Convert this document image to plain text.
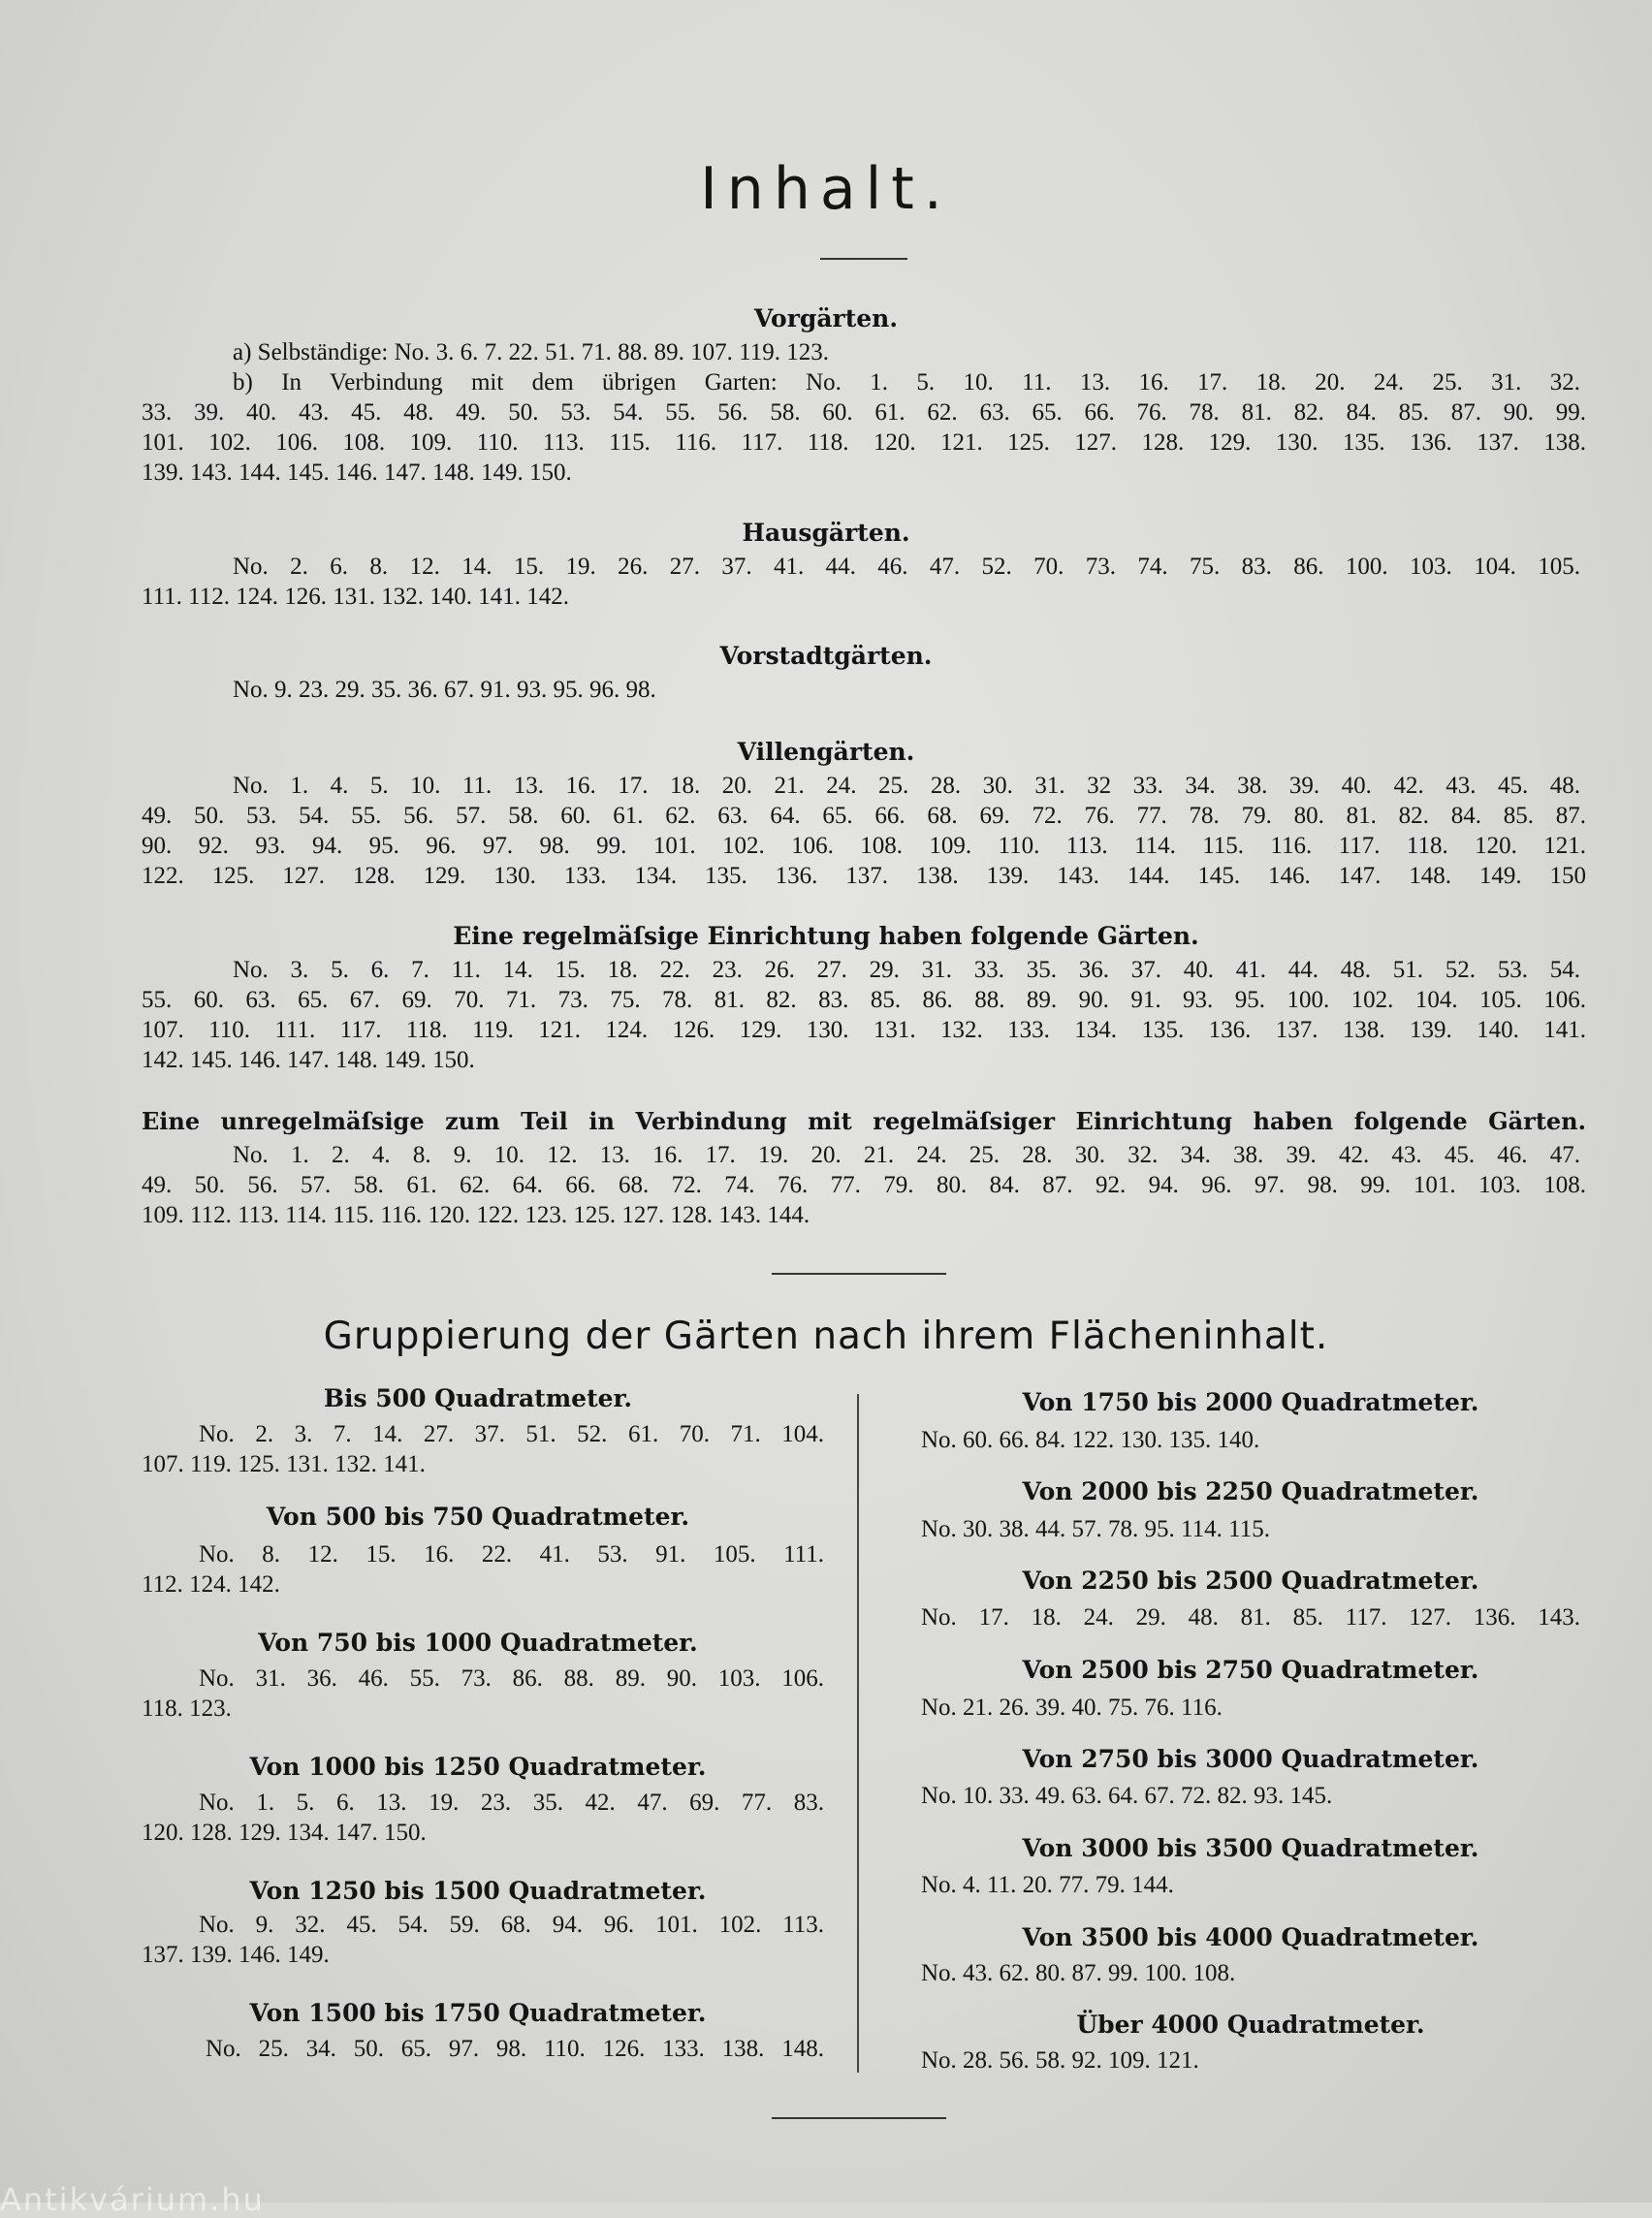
Inhalt.
Vorgärten.
a) Selbständige: No. 3. 6. 7. 22. 51. 71. 88. 89. 107. 119. 123.
b) In Verbindung mit dem übrigen Garten: No. 1. 5. 10. 11. 13. 16. 17. 18. 20. 24. 25. 31. 32.
33. 39. 40. 43. 45. 48. 49. 50. 53. 54. 55. 56. 58. 60. 61. 62. 63. 65. 66. 76. 78. 81. 82. 84. 85. 87. 90. 99.
101. 102. 106. 108. 109. 110. 113. 115. 116. 117. 118. 120. 121. 125. 127. 128. 129. 130. 135. 136. 137. 138.
139. 143. 144. 145. 146. 147. 148. 149. 150.
Hausgärten.
No. 2. 6. 8. 12. 14. 15. 19. 26. 27. 37. 41. 44. 46. 47. 52. 70. 73. 74. 75. 83. 86. 100. 103. 104. 105.
111. 112. 124. 126. 131. 132. 140. 141. 142.
Vorstadtgärten.
No. 9. 23. 29. 35. 36. 67. 91. 93. 95. 96. 98.
Villengärten.
No. 1. 4. 5. 10. 11. 13. 16. 17. 18. 20. 21. 24. 25. 28. 30. 31. 32 33. 34. 38. 39. 40. 42. 43. 45. 48.
49. 50. 53. 54. 55. 56. 57. 58. 60. 61. 62. 63. 64. 65. 66. 68. 69. 72. 76. 77. 78. 79. 80. 81. 82. 84. 85. 87.
90. 92. 93. 94. 95. 96. 97. 98. 99. 101. 102. 106. 108. 109. 110. 113. 114. 115. 116. 117. 118. 120. 121.
122. 125. 127. 128. 129. 130. 133. 134. 135. 136. 137. 138. 139. 143. 144. 145. 146. 147. 148. 149. 150
Eine regelmäſsige Einrichtung haben folgende Gärten.
No. 3. 5. 6. 7. 11. 14. 15. 18. 22. 23. 26. 27. 29. 31. 33. 35. 36. 37. 40. 41. 44. 48. 51. 52. 53. 54.
55. 60. 63. 65. 67. 69. 70. 71. 73. 75. 78. 81. 82. 83. 85. 86. 88. 89. 90. 91. 93. 95. 100. 102. 104. 105. 106.
107. 110. 111. 117. 118. 119. 121. 124. 126. 129. 130. 131. 132. 133. 134. 135. 136. 137. 138. 139. 140. 141.
142. 145. 146. 147. 148. 149. 150.
Eine unregelmäſsige zum Teil in Verbindung mit regelmäſsiger Einrichtung haben folgende Gärten.
No. 1. 2. 4. 8. 9. 10. 12. 13. 16. 17. 19. 20. 21. 24. 25. 28. 30. 32. 34. 38. 39. 42. 43. 45. 46. 47.
49. 50. 56. 57. 58. 61. 62. 64. 66. 68. 72. 74. 76. 77. 79. 80. 84. 87. 92. 94. 96. 97. 98. 99. 101. 103. 108.
109. 112. 113. 114. 115. 116. 120. 122. 123. 125. 127. 128. 143. 144.
Gruppierung der Gärten nach ihrem Flächeninhalt.
Bis 500 Quadratmeter.
No. 2. 3. 7. 14. 27. 37. 51. 52. 61. 70. 71. 104.
107. 119. 125. 131. 132. 141.
Von 500 bis 750 Quadratmeter.
No. 8. 12. 15. 16. 22. 41. 53. 91. 105. 111.
112. 124. 142.
Von 750 bis 1000 Quadratmeter.
No. 31. 36. 46. 55. 73. 86. 88. 89. 90. 103. 106.
118. 123.
Von 1000 bis 1250 Quadratmeter.
No. 1. 5. 6. 13. 19. 23. 35. 42. 47. 69. 77. 83.
120. 128. 129. 134. 147. 150.
Von 1250 bis 1500 Quadratmeter.
No. 9. 32. 45. 54. 59. 68. 94. 96. 101. 102. 113.
137. 139. 146. 149.
Von 1500 bis 1750 Quadratmeter.
No. 25. 34. 50. 65. 97. 98. 110. 126. 133. 138. 148.
Von 1750 bis 2000 Quadratmeter.
No. 60. 66. 84. 122. 130. 135. 140.
Von 2000 bis 2250 Quadratmeter.
No. 30. 38. 44. 57. 78. 95. 114. 115.
Von 2250 bis 2500 Quadratmeter.
No. 17. 18. 24. 29. 48. 81. 85. 117. 127. 136. 143.
Von 2500 bis 2750 Quadratmeter.
No. 21. 26. 39. 40. 75. 76. 116.
Von 2750 bis 3000 Quadratmeter.
No. 10. 33. 49. 63. 64. 67. 72. 82. 93. 145.
Von 3000 bis 3500 Quadratmeter.
No. 4. 11. 20. 77. 79. 144.
Von 3500 bis 4000 Quadratmeter.
No. 43. 62. 80. 87. 99. 100. 108.
Über 4000 Quadratmeter.
No. 28. 56. 58. 92. 109. 121.
Antikvárium.hu
